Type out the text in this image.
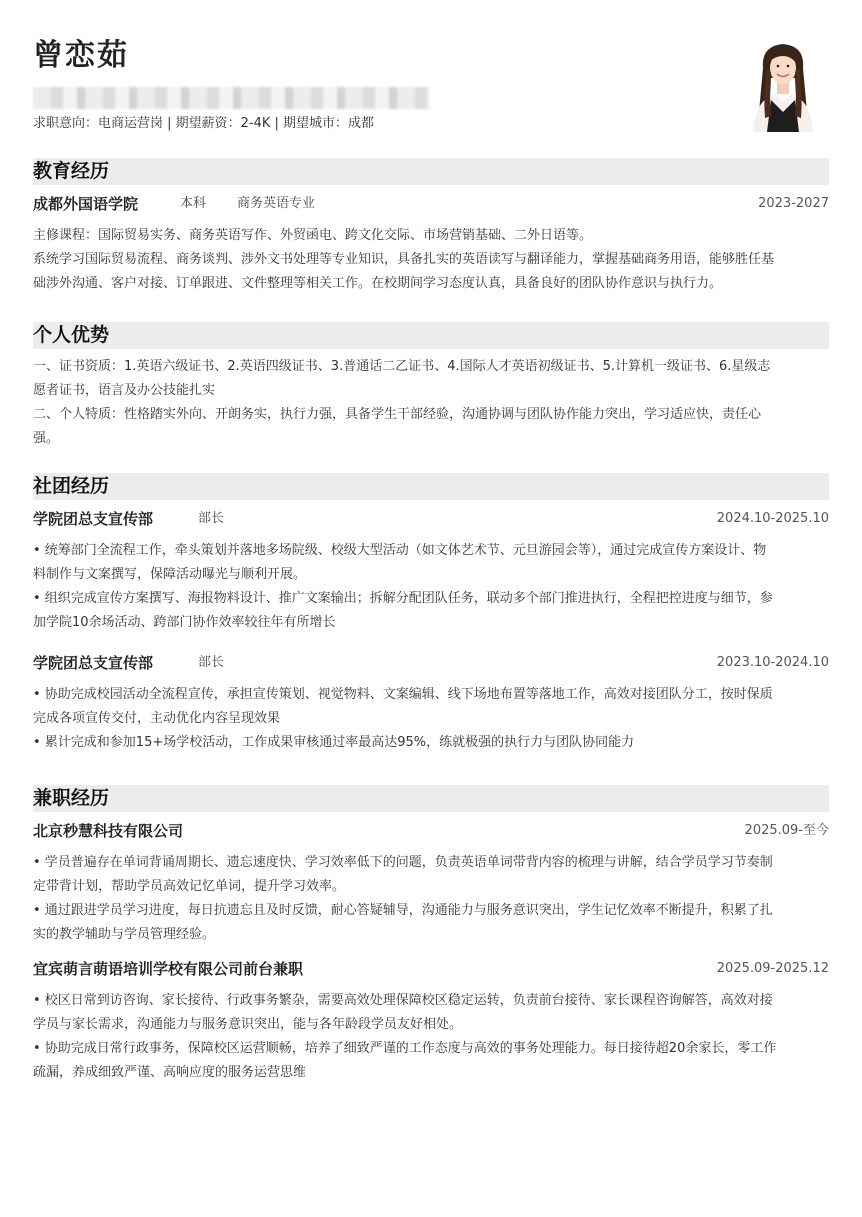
曾恋茹
求职意向：电商运营岗 | 期望薪资：2-4K | 期望城市：成都
教育经历
成都外国语学院	本科 商务英语专业	2023-2027

主修课程：国际贸易实务、商务英语写作、外贸函电、跨文化交际、市场营销基础、二外日语等。

系统学习国际贸易流程、商务谈判、涉外文书处理等专业知识，具备扎实的英语读写与翻译能力，掌握基础商务用语，能够胜任基

础涉外沟通、客户对接、订单跟进、文件整理等相关工作。在校期间学习态度认真，具备良好的团队协作意识与执行力。

个人优势

一、证书资质：1.英语六级证书、2.英语四级证书、3.普通话二乙证书、4.国际人才英语初级证书、5.计算机一级证书、6.星级志

愿者证书，语言及办公技能扎实

二、个人特质：性格踏实外向、开朗务实，执行力强，具备学生干部经验，沟通协调与团队协作能力突出，学习适应快，责任心

强。

社团经历
学院团总支宣传部	部长	2024.10-2025.10

• 统筹部门全流程工作，牵头策划并落地多场院级、校级大型活动（如文体艺术节、元旦游园会等），通过完成宣传方案设计、物

料制作与文案撰写，保障活动曝光与顺利开展。

• 组织完成宣传方案撰写、海报物料设计、推广文案输出；拆解分配团队任务，联动多个部门推进执行，全程把控进度与细节，参

加学院10余场活动、跨部门协作效率较往年有所增长

学院团总支宣传部	部长	2023.10-2024.10

• 协助完成校园活动全流程宣传，承担宣传策划、视觉物料、文案编辑、线下场地布置等落地工作，高效对接团队分工，按时保质

完成各项宣传交付，主动优化内容呈现效果

• 累计完成和参加15+场学校活动，工作成果审核通过率最高达95%，练就极强的执行力与团队协同能力

兼职经历
北京秒慧科技有限公司	2025.09-至今

• 学员普遍存在单词背诵周期长、遗忘速度快、学习效率低下的问题，负责英语单词带背内容的梳理与讲解，结合学员学习节奏制

定带背计划，帮助学员高效记忆单词，提升学习效率。

• 通过跟进学员学习进度，每日抗遗忘且及时反馈，耐心答疑辅导，沟通能力与服务意识突出，学生记忆效率不断提升，积累了扎

实的教学辅助与学员管理经验。

宜宾萌言萌语培训学校有限公司前台兼职	2025.09-2025.12

• 校区日常到访咨询、家长接待、行政事务繁杂，需要高效处理保障校区稳定运转，负责前台接待、家长课程咨询解答，高效对接

学员与家长需求，沟通能力与服务意识突出，能与各年龄段学员友好相处。

• 协助完成日常行政事务，保障校区运营顺畅，培养了细致严谨的工作态度与高效的事务处理能力。每日接待超20余家长，零工作

疏漏，养成细致严谨、高响应度的服务运营思维
